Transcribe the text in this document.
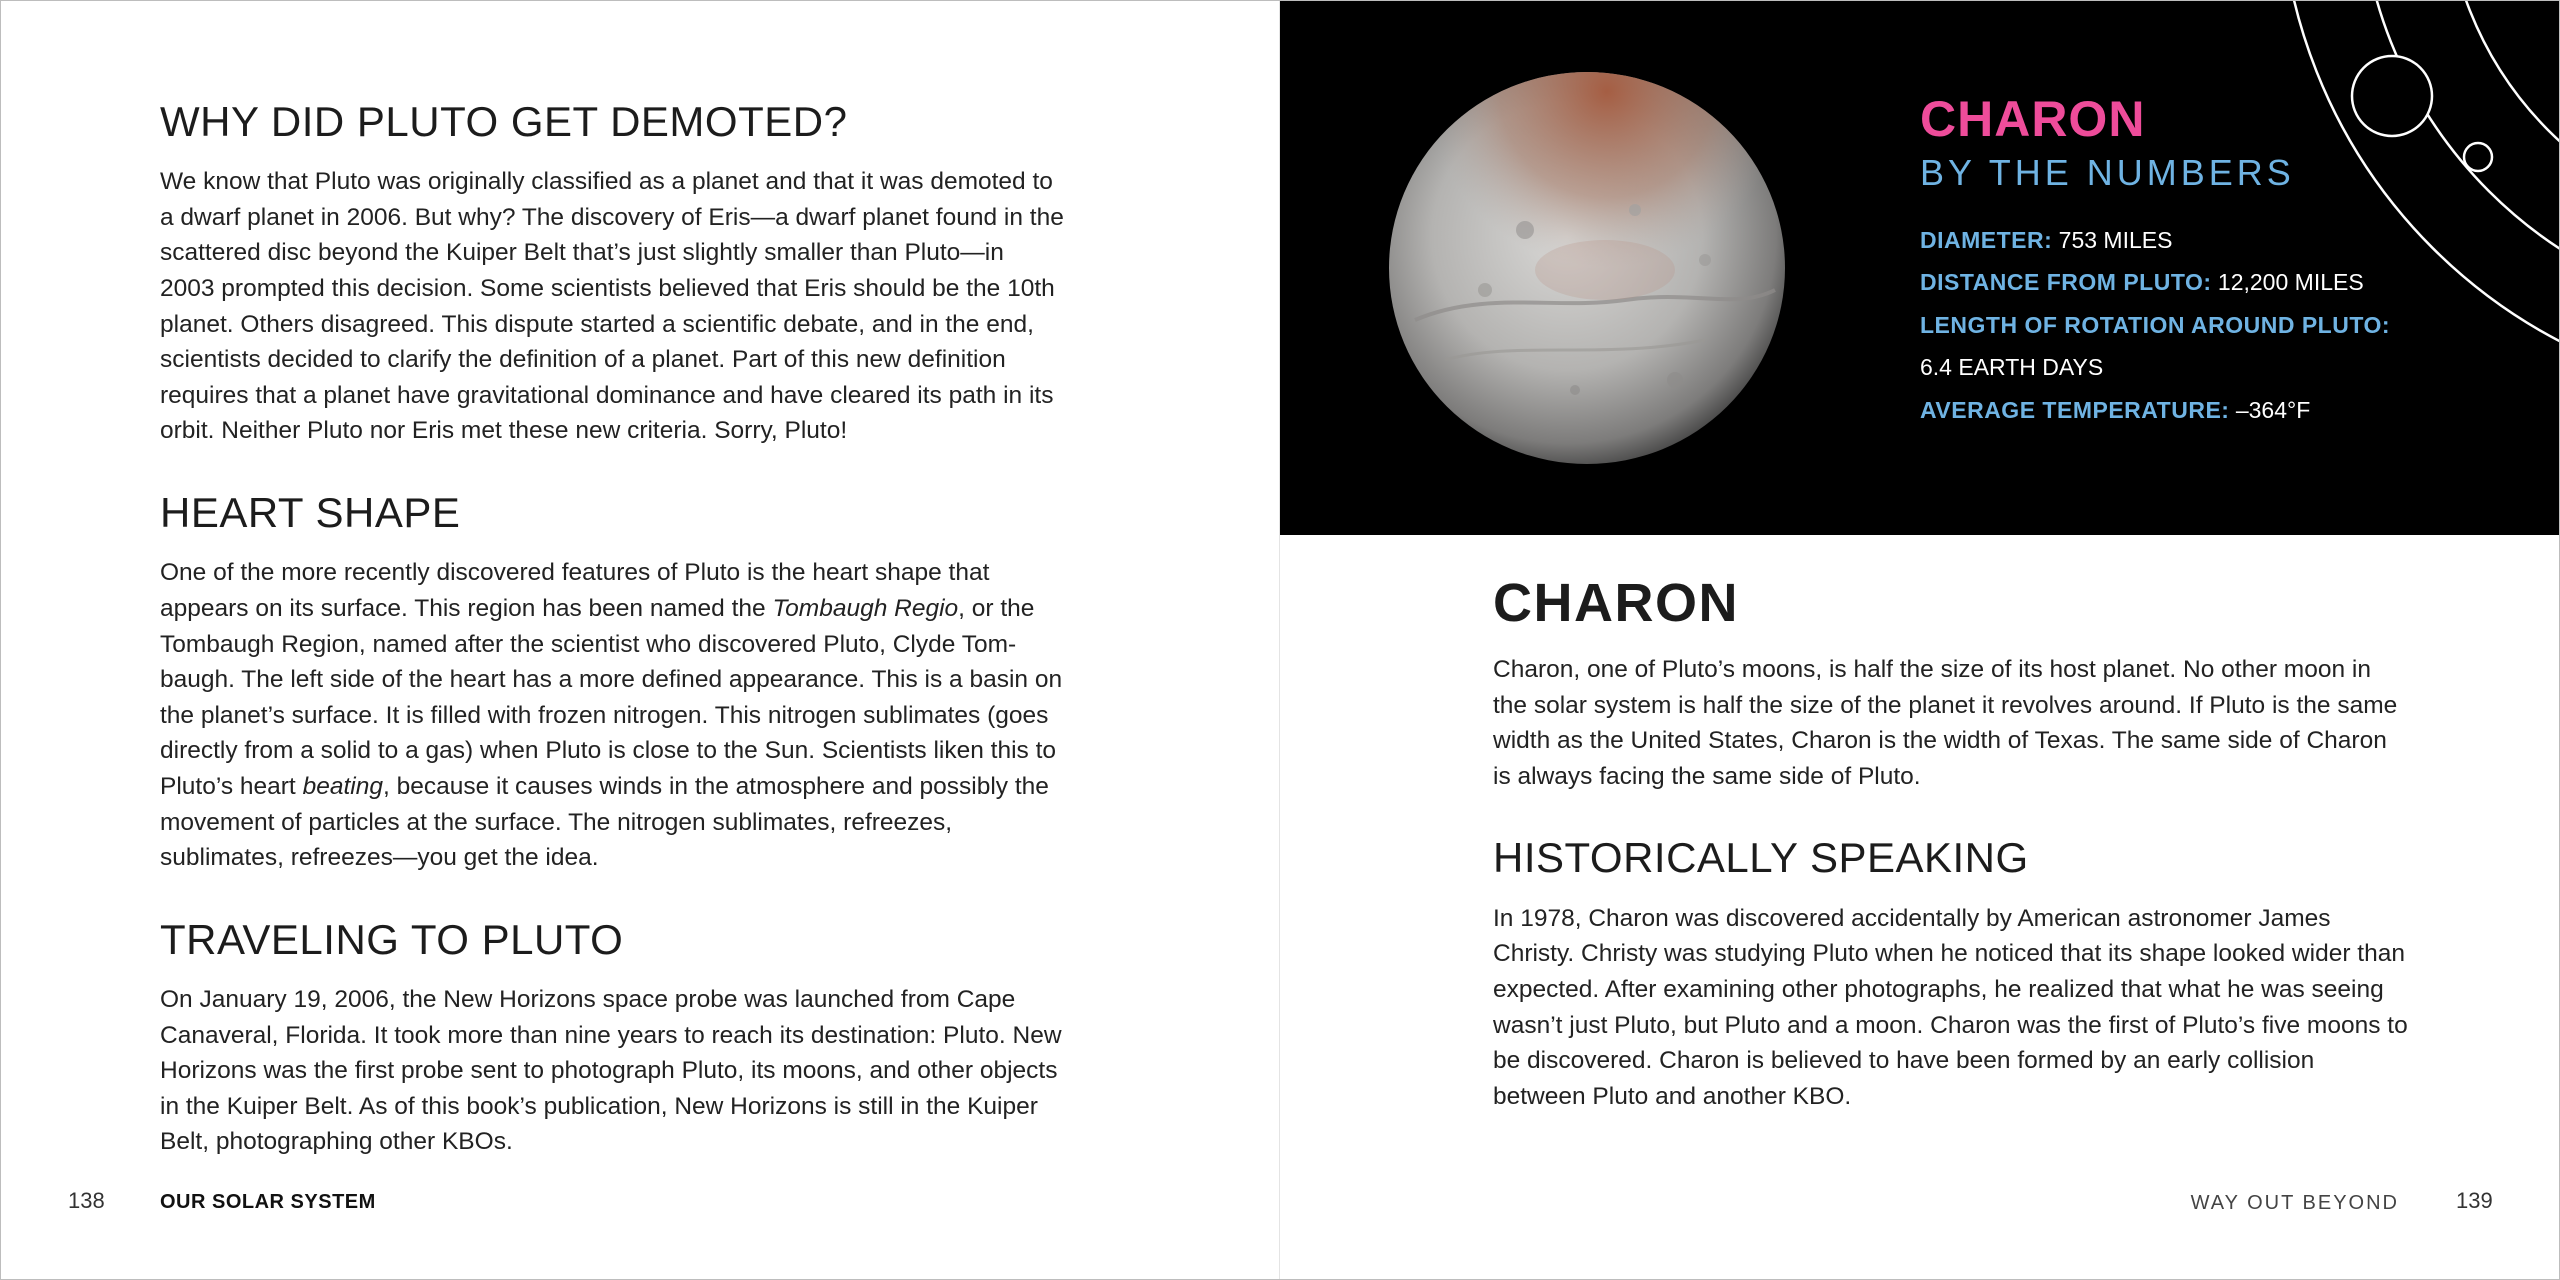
WHY DID PLUTO GET DEMOTED?

We know that Pluto was originally classified as a planet and that it was demoted to a dwarf planet in 2006. But why? The discovery of Eris—a dwarf planet found in the scattered disc beyond the Kuiper Belt that’s just slightly smaller than Pluto—in 2003 prompted this decision. Some scientists believed that Eris should be the 10th planet. Others disagreed. This dispute started a scientific debate, and in the end, scientists decided to clarify the definition of a planet. Part of this new definition requires that a planet have gravitational dominance and have cleared its path in its orbit. Neither Pluto nor Eris met these new criteria. Sorry, Pluto!

HEART SHAPE

One of the more recently discovered features of Pluto is the heart shape that appears on its surface. This region has been named the Tombaugh Regio, or the Tombaugh Region, named after the scientist who discovered Pluto, Clyde Tombaugh. The left side of the heart has a more defined appearance. This is a basin on the planet’s surface. It is filled with frozen nitrogen. This nitrogen sublimates (goes directly from a solid to a gas) when Pluto is close to the Sun. Scientists liken this to Pluto’s heart beating, because it causes winds in the atmosphere and possibly the movement of particles at the surface. The nitrogen sublimates, refreezes, sublimates, refreezes—you get the idea.

TRAVELING TO PLUTO

On January 19, 2006, the New Horizons space probe was launched from Cape Canaveral, Florida. It took more than nine years to reach its destination: Pluto. New Horizons was the first probe sent to photograph Pluto, its moons, and other objects in the Kuiper Belt. As of this book’s publication, New Horizons is still in the Kuiper Belt, photographing other KBOs.

138	OUR SOLAR SYSTEM
CHARON
BY THE NUMBERS
DIAMETER: 753 MILES
DISTANCE FROM PLUTO: 12,200 MILES
LENGTH OF ROTATION AROUND PLUTO:
6.4 EARTH DAYS
AVERAGE TEMPERATURE: –364°F
CHARON

Charon, one of Pluto’s moons, is half the size of its host planet. No other moon in the solar system is half the size of the planet it revolves around. If Pluto is the same width as the United States, Charon is the width of Texas. The same side of Charon is always facing the same side of Pluto.

HISTORICALLY SPEAKING

In 1978, Charon was discovered accidentally by American astronomer James Christy. Christy was studying Pluto when he noticed that its shape looked wider than expected. After examining other photographs, he realized that what he was seeing wasn’t just Pluto, but Pluto and a moon. Charon was the first of Pluto’s five moons to be discovered. Charon is believed to have been formed by an early collision between Pluto and another KBO.

WAY OUT BEYOND	139
